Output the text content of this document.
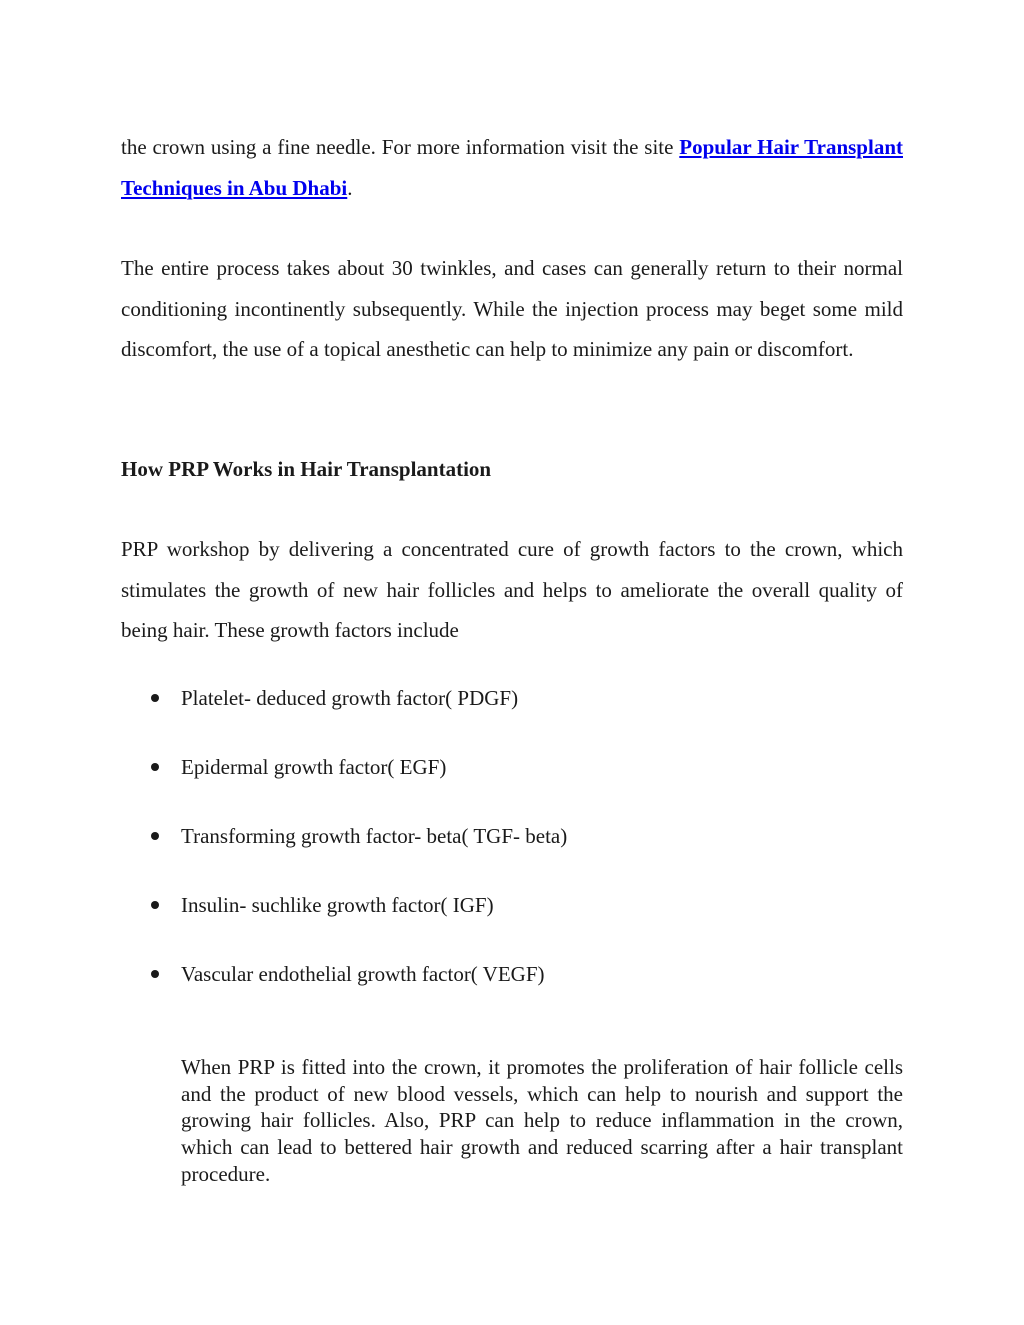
the crown using a fine needle. For more information visit the site Popular Hair Transplant Techniques in Abu Dhabi.

The entire process takes about 30 twinkles, and cases can generally return to their normal conditioning incontinently subsequently. While the injection process may beget some mild discomfort, the use of a topical anesthetic can help to minimize any pain or discomfort.

How PRP Works in Hair Transplantation

PRP workshop by delivering a concentrated cure of growth factors to the crown, which stimulates the growth of new hair follicles and helps to ameliorate the overall quality of being hair. These growth factors include

Platelet- deduced growth factor( PDGF)
Epidermal growth factor( EGF)
Transforming growth factor- beta( TGF- beta)
Insulin- suchlike growth factor( IGF)
Vascular endothelial growth factor( VEGF)

When PRP is fitted into the crown, it promotes the proliferation of hair follicle cells and the product of new blood vessels, which can help to nourish and support the growing hair follicles. Also, PRP can help to reduce inflammation in the crown, which can lead to bettered hair growth and reduced scarring after a hair transplant procedure.
